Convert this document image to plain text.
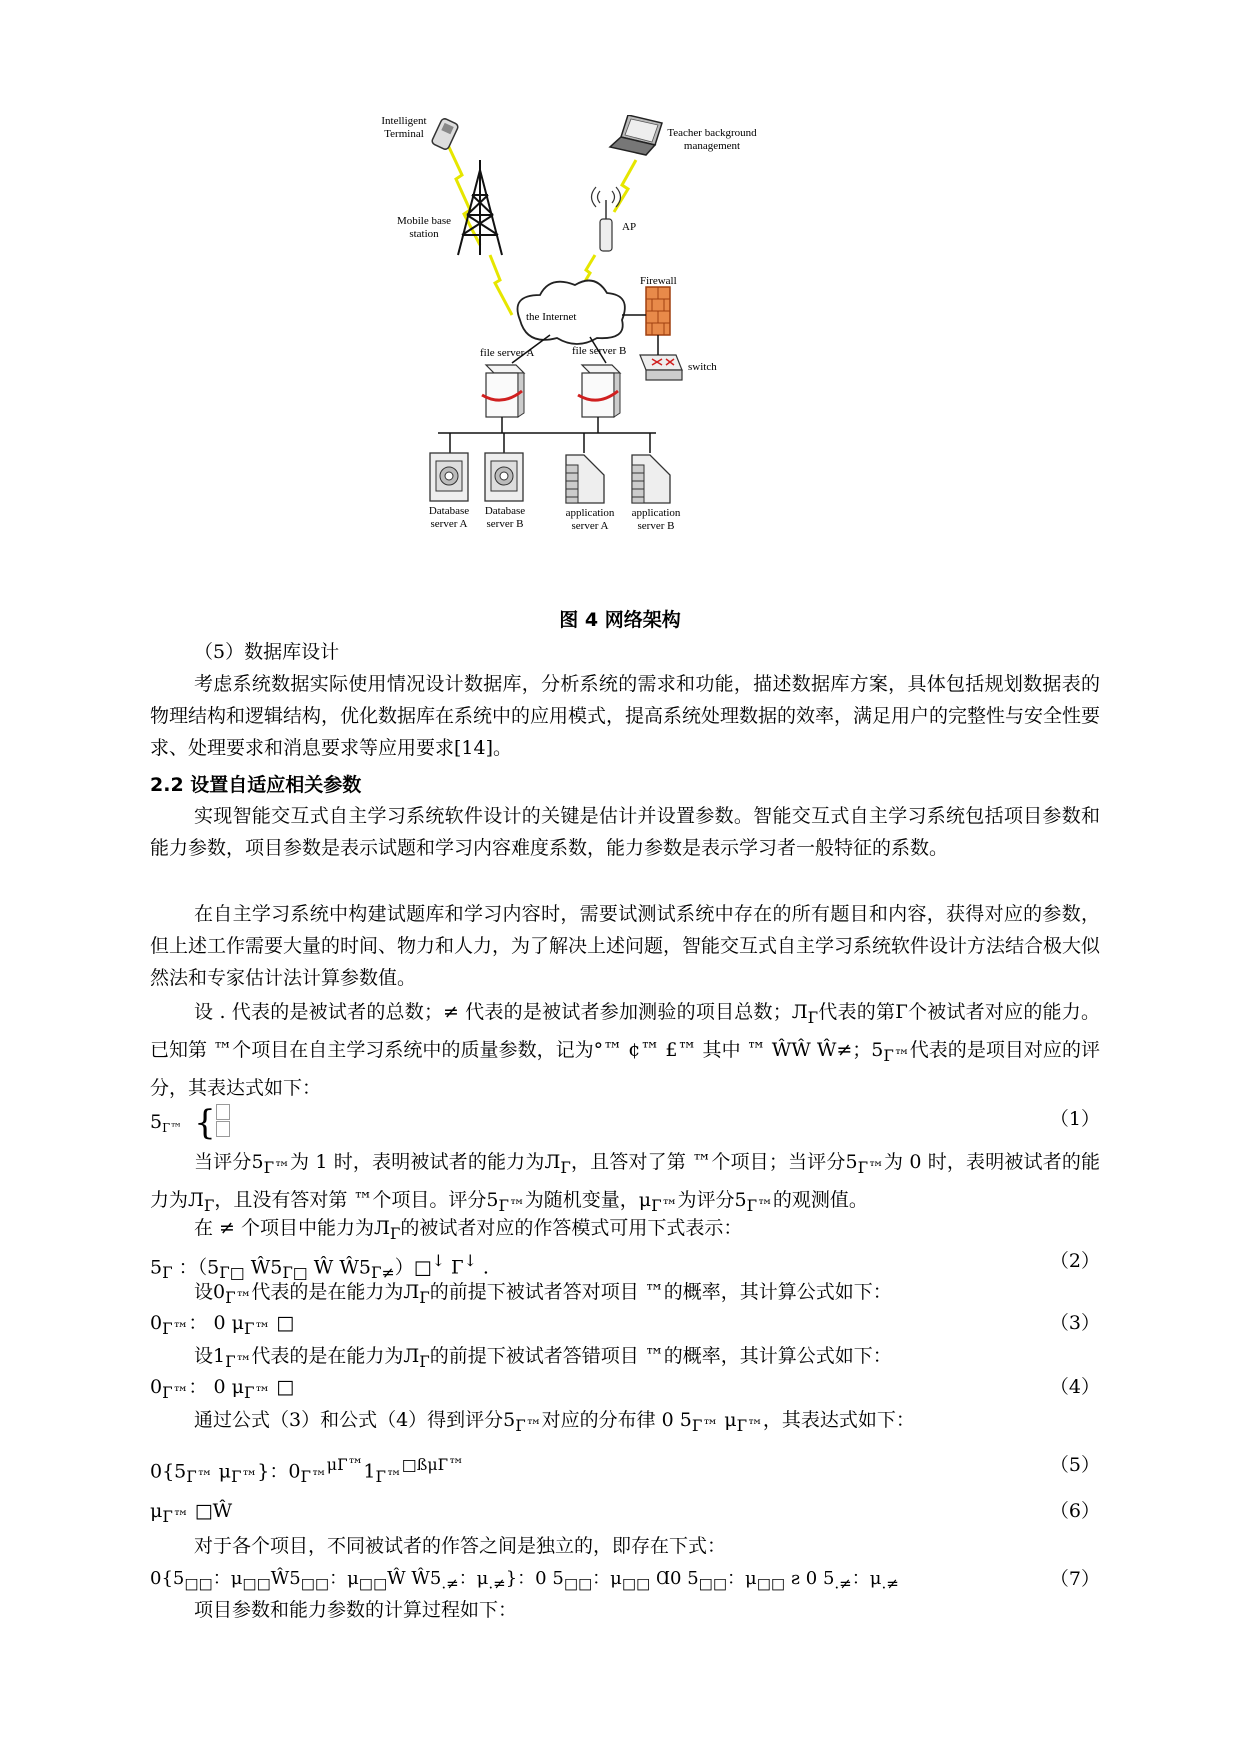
Intelligent Terminal	Teacher background management
Mobile base station
AP
Firewall
the Internet
file server A	file server B
switch
Database server A
Database server B
application server A
application server B
图 4 网络架构
（5）数据库设计
考虑系统数据实际使用情况设计数据库，分析系统的需求和功能，描述数据库方案，具体包括规划数据表的物理结构和逻辑结构，优化数据库在系统中的应用模式，提高系统处理数据的效率，满足用户的完整性与安全性要求、处理要求和消息要求等应用要求[14]。
2.2 设置自适应相关参数
实现智能交互式自主学习系统软件设计的关键是估计并设置参数。智能交互式自主学习系统包括项目参数和能力参数，项目参数是表示试题和学习内容难度系数，能力参数是表示学习者一般特征的系数。
在自主学习系统中构建试题库和学习内容时，需要试测试系统中存在的所有题目和内容，获得对应的参数，但上述工作需要大量的时间、物力和人力，为了解决上述问题，智能交互式自主学习系统软件设计方法结合极大似然法和专家估计法计算参数值。
设 . 代表的是被试者的总数；≠ 代表的是被试者参加测验的项目总数；$Л_Г$代表的第Г个被试者对应的能力。已知第 ™个项目在自主学习系统中的质量参数，记为°™ ¢™ £™ 其中 ™ ŴŴ Ŵ≠；$5_{Г™}$代表的是项目对应的评分，其表达式如下：
$5_{Г™}$ {	（1）
当评分$5_{Г™}$为 1 时，表明被试者的能力为$Л_Г$，且答对了第 ™个项目；当评分$5_{Г™}$为 0 时，表明被试者的能力为$Л_Г$，且没有答对第 ™个项目。评分$5_{Г™}$为随机变量，$\mu_{Г™}$为评分$5_{Г™}$的观测值。
在 ≠ 个项目中能力为$Л_Г$的被试者对应的作答模式可用下式表示：
$5_Г$ ：（$5_{Г□}$ $Ŵ5_{Г□}$ Ŵ $Ŵ5_{Г\ne})□^↓$ Г↓ .	（2）
设$0_{Г™}$代表的是在能力为$Л_Г$的前提下被试者答对项目 ™的概率，其计算公式如下：
$0_{Г™}$： 0 $\mu_{Г™}$ □	（3）
设$1_{Г™}$代表的是在能力为$Л_Г$的前提下被试者答错项目 ™的概率，其计算公式如下：
$0_{Г™}$： 0 $\mu_{Г™}$ □	（4）
通过公式（3）和公式（4）得到评分$5_{Г™}$对应的分布律 0 $5_{Г™}$ $\mu_{Г™}$，其表达式如下：
$0\{5_{Г™}$ $\mu_{Г™}$}：$0_{Г™}^{\mu Г™}1_{Г™}^{□ß\mu Г™}$	（5）
$\mu_{Г™}$ □Ŵ	（6）
对于各个项目，不同被试者的作答之间是独立的，即存在下式：
$0\{5_{□□}$：$\mu_{□□}Ŵ5_{□□}$：$\mu_{□□}Ŵ$ $Ŵ5_{.\ne}$：$\mu_{.\ne}$}：0 $5_{□□}$：$\mu_{□□}$ Ɑ0 $5_{□□}$：$\mu_{□□}$ ƨ 0 $5_{.\ne}$：$\mu_{.\ne}$	（7）
项目参数和能力参数的计算过程如下：
